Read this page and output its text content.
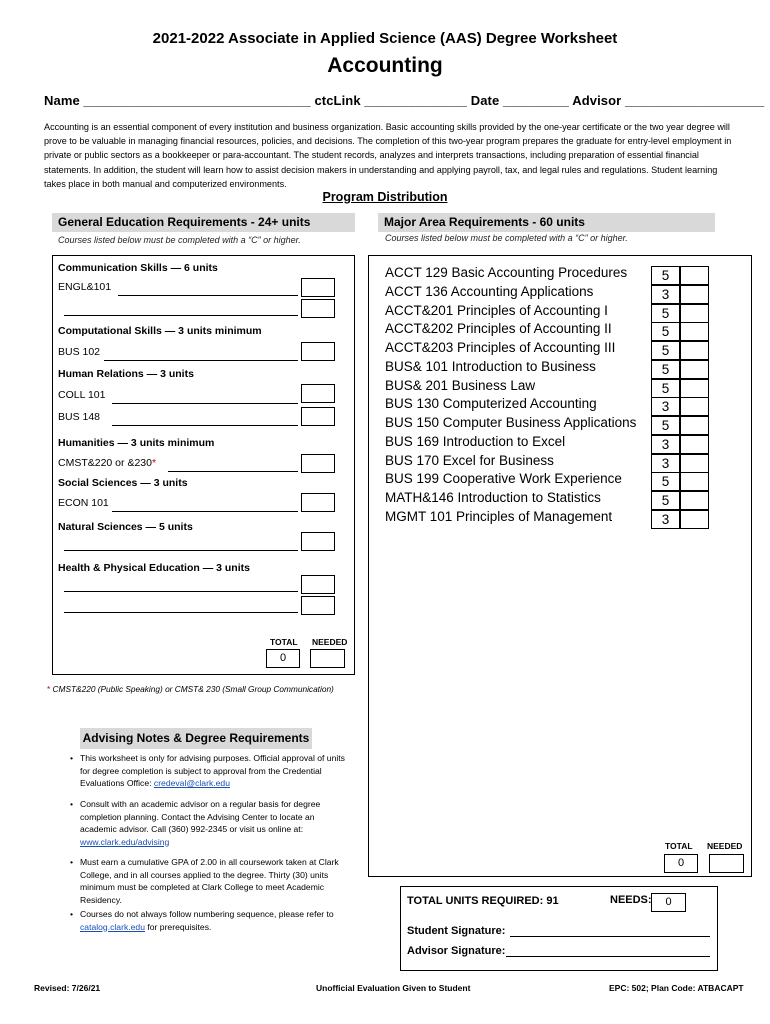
2021-2022 Associate in Applied Science (AAS) Degree Worksheet
Accounting
Name _______________________________ ctcLink ______________ Date _________ Advisor ___________________
Accounting is an essential component of every institution and business organization. Basic accounting skills provided by the one-year certificate or the two year degree will prove to be valuable in managing financial resources, policies, and decisions. The completion of this two-year program prepares the graduate for entry-level employment in private or public sectors as a bookkeeper or para-accountant. The student records, analyzes and interprets transactions, including preparation of essential financial statements. In addition, the student will learn how to assist decision makers in understanding and applying payroll, tax, and legal rules and regulations. Student learning takes place in both manual and computerized environments.
Program Distribution
General Education Requirements - 24+ units
Courses listed below must be completed with a “C” or higher.
Major Area Requirements - 60 units
Courses listed below must be completed with a “C” or higher.
Communication Skills — 6 units
ENGL&101
Computational Skills — 3 units minimum
BUS 102
Human Relations — 3 units
COLL 101
BUS 148
Humanities — 3 units minimum
CMST&220 or &230*
Social Sciences — 3 units
ECON 101
Natural Sciences — 5 units
Health & Physical Education — 3 units
TOTAL NEEDED
0
* CMST&220 (Public Speaking) or CMST& 230 (Small Group Communication)
ACCT 129 Basic Accounting Procedures	5
ACCT 136 Accounting Applications	3
ACCT&201 Principles of Accounting I	5
ACCT&202 Principles of Accounting II	5
ACCT&203 Principles of Accounting III	5
BUS& 101 Introduction to Business	5
BUS& 201 Business Law	5
BUS 130 Computerized Accounting	3
BUS 150 Computer Business Applications	5
BUS 169 Introduction to Excel	3
BUS 170 Excel for Business	3
BUS 199 Cooperative Work Experience	5
MATH&146 Introduction to Statistics	5
MGMT 101 Principles of Management	3
TOTAL NEEDED
0
Advising Notes & Degree Requirements
• This worksheet is only for advising purposes. Official approval of units for degree completion is subject to approval from the Credential Evaluations Office: credeval@clark.edu
• Consult with an academic advisor on a regular basis for degree completion planning. Contact the Advising Center to locate an academic advisor. Call (360) 992-2345 or visit us online at: www.clark.edu/advising
• Must earn a cumulative GPA of 2.00 in all coursework taken at Clark College, and in all courses applied to the degree. Thirty (30) units minimum must be completed at Clark College to meet Academic Residency.
• Courses do not always follow numbering sequence, please refer to catalog.clark.edu for prerequisites.
TOTAL UNITS REQUIRED: 91	NEEDS:	0
Student Signature:
Advisor Signature:
Revised: 7/26/21	Unofficial Evaluation Given to Student	EPC: 502; Plan Code: ATBACAPT
